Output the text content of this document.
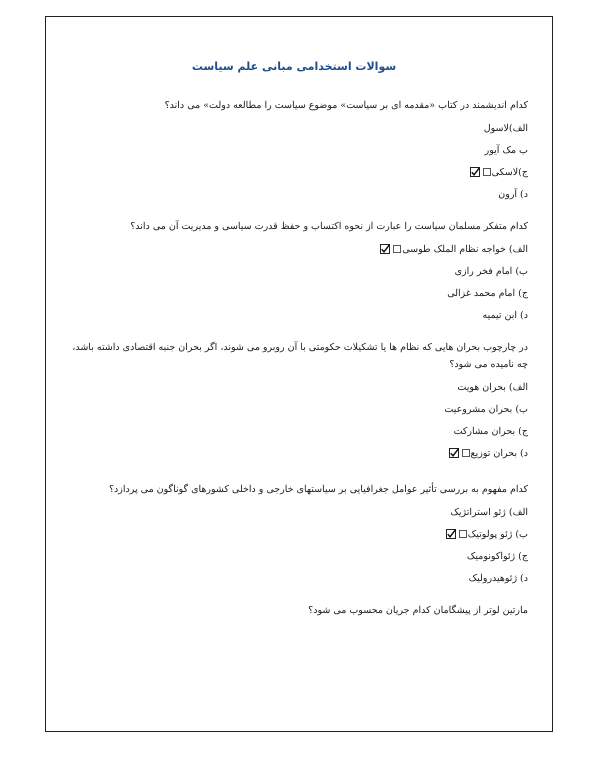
سوالات استخدامی مبانی علم سیاست

کدام اندیشمند در کتاب «مقدمه ای بر سیاست» موضوع سیاست را مطالعه دولت» می داند؟

الف)لاسول
ب مک آیور
ج)لاسکی
د) آرون

کدام متفکر مسلمان سیاست را عبارت از نحوه اکتساب و حفظ قدرت سیاسی و مدیریت آن می داند؟

الف) خواجه نظام الملک طوسی
ب) امام فخر رازی
ج) امام محمد غزالی
د) ابن تیمیه

در چارچوب بحران هایی که نظام ها یا تشکیلات حکومتی با آن روبرو می شوند، اگر بحران جنبه اقتصادی داشته باشد، چه نامیده می شود؟

الف) بحران هویت
ب) بحران مشروعیت
ج) بحران مشارکت
د) بحران توزیع

کدام مفهوم به بررسی تأثیر عوامل جغرافیایی بر سیاستهای خارجی و داخلی کشورهای گوناگون می پردازد؟

الف) ژئو استراتژیک
ب) ژئو پولوتیک
ج) ژئواکونومیک
د) ژئوهیدرولیک

مارتین لوتر از پیشگامان کدام جریان محسوب می شود؟
